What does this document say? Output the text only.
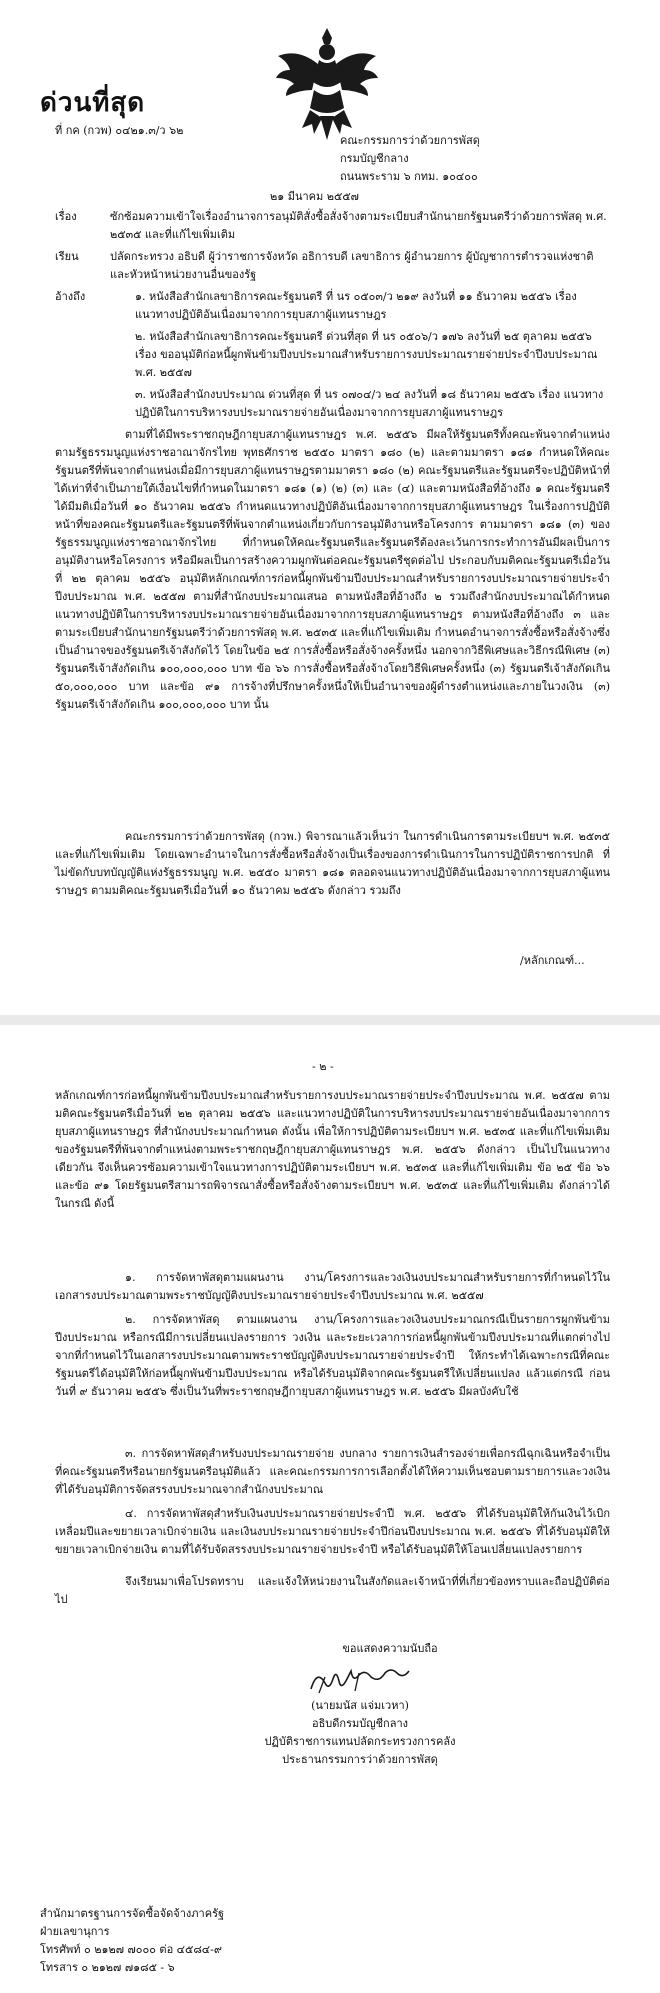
ด่วนที่สุด
ที่ กค (กวพ) ๐๔๒๑.๓/ว ๖๒
คณะกรรมการว่าด้วยการพัสดุ
กรมบัญชีกลาง
ถนนพระราม ๖ กทม. ๑๐๔๐๐
๒๑ มีนาคม ๒๕๕๗
เรื่อง	ซักซ้อมความเข้าใจเรื่องอำนาจการอนุมัติสั่งซื้อสั่งจ้างตามระเบียบสำนักนายกรัฐมนตรีว่าด้วยการพัสดุ พ.ศ. ๒๕๓๕ และที่แก้ไขเพิ่มเติม
เรียน	ปลัดกระทรวง อธิบดี ผู้ว่าราชการจังหวัด อธิการบดี เลขาธิการ ผู้อำนวยการ ผู้บัญชาการตำรวจแห่งชาติ และหัวหน้าหน่วยงานอื่นของรัฐ
อ้างถึง	๑. หนังสือสำนักเลขาธิการคณะรัฐมนตรี ที่ นร ๐๕๐๓/ว ๒๑๙ ลงวันที่ ๑๑ ธันวาคม ๒๕๕๖ เรื่อง แนวทางปฏิบัติอันเนื่องมาจากการยุบสภาผู้แทนราษฎร
๒. หนังสือสำนักเลขาธิการคณะรัฐมนตรี ด่วนที่สุด ที่ นร ๐๕๐๖/ว ๑๗๖ ลงวันที่ ๒๕ ตุลาคม ๒๕๕๖ เรื่อง ขออนุมัติก่อหนี้ผูกพันข้ามปีงบประมาณสำหรับรายการงบประมาณรายจ่ายประจำปีงบประมาณ พ.ศ. ๒๕๕๗
๓. หนังสือสำนักงบประมาณ ด่วนที่สุด ที่ นร ๐๗๐๔/ว ๒๔ ลงวันที่ ๑๘ ธันวาคม ๒๕๕๖ เรื่อง แนวทางปฏิบัติในการบริหารงบประมาณรายจ่ายอันเนื่องมาจากการยุบสภาผู้แทนราษฎร
ตามที่ได้มีพระราชกฤษฎีกายุบสภาผู้แทนราษฎร พ.ศ. ๒๕๕๖ มีผลให้รัฐมนตรีทั้งคณะพ้นจากตำแหน่งตามรัฐธรรมนูญแห่งราชอาณาจักรไทย พุทธศักราช ๒๕๕๐ มาตรา ๑๘๐ (๒) และตามมาตรา ๑๘๑ กำหนดให้คณะรัฐมนตรีที่พ้นจากตำแหน่งเมื่อมีการยุบสภาผู้แทนราษฎรตามมาตรา ๑๘๐ (๒) คณะรัฐมนตรีและรัฐมนตรีจะปฏิบัติหน้าที่ได้เท่าที่จำเป็นภายใต้เงื่อนไขที่กำหนดในมาตรา ๑๘๑ (๑) (๒) (๓) และ (๔) และตามหนังสือที่อ้างถึง ๑ คณะรัฐมนตรีได้มีมติเมื่อวันที่ ๑๐ ธันวาคม ๒๕๕๖ กำหนดแนวทางปฏิบัติอันเนื่องมาจากการยุบสภาผู้แทนราษฎร ในเรื่องการปฏิบัติหน้าที่ของคณะรัฐมนตรีและรัฐมนตรีที่พ้นจากตำแหน่งเกี่ยวกับการอนุมัติงานหรือโครงการ ตามมาตรา ๑๘๑ (๓) ของรัฐธรรมนูญแห่งราชอาณาจักรไทย ที่กำหนดให้คณะรัฐมนตรีและรัฐมนตรีต้องละเว้นการกระทำการอันมีผลเป็นการอนุมัติงานหรือโครงการ หรือมีผลเป็นการสร้างความผูกพันต่อคณะรัฐมนตรีชุดต่อไป ประกอบกับมติคณะรัฐมนตรีเมื่อวันที่ ๒๒ ตุลาคม ๒๕๕๖ อนุมัติหลักเกณฑ์การก่อหนี้ผูกพันข้ามปีงบประมาณสำหรับรายการงบประมาณรายจ่ายประจำปีงบประมาณ พ.ศ. ๒๕๕๗ ตามที่สำนักงบประมาณเสนอ ตามหนังสือที่อ้างถึง ๒ รวมถึงสำนักงบประมาณได้กำหนดแนวทางปฏิบัติในการบริหารงบประมาณรายจ่ายอันเนื่องมาจากการยุบสภาผู้แทนราษฎร ตามหนังสือที่อ้างถึง ๓ และตามระเบียบสำนักนายกรัฐมนตรีว่าด้วยการพัสดุ พ.ศ. ๒๕๓๕ และที่แก้ไขเพิ่มเติม กำหนดอำนาจการสั่งซื้อหรือสั่งจ้างซึ่งเป็นอำนาจของรัฐมนตรีเจ้าสังกัดไว้ โดยในข้อ ๒๕ การสั่งซื้อหรือสั่งจ้างครั้งหนึ่ง นอกจากวิธีพิเศษและวิธีกรณีพิเศษ (๓) รัฐมนตรีเจ้าสังกัดเกิน ๑๐๐,๐๐๐,๐๐๐ บาท ข้อ ๖๖ การสั่งซื้อหรือสั่งจ้างโดยวิธีพิเศษครั้งหนึ่ง (๓) รัฐมนตรีเจ้าสังกัดเกิน ๕๐,๐๐๐,๐๐๐ บาท และข้อ ๙๑ การจ้างที่ปรึกษาครั้งหนึ่งให้เป็นอำนาจของผู้ดำรงตำแหน่งและภายในวงเงิน (๓) รัฐมนตรีเจ้าสังกัดเกิน ๑๐๐,๐๐๐,๐๐๐ บาท นั้น
คณะกรรมการว่าด้วยการพัสดุ (กวพ.) พิจารณาแล้วเห็นว่า ในการดำเนินการตามระเบียบฯ พ.ศ. ๒๕๓๕ และที่แก้ไขเพิ่มเติม โดยเฉพาะอำนาจในการสั่งซื้อหรือสั่งจ้างเป็นเรื่องของการดำเนินการในการปฏิบัติราชการปกติ ที่ไม่ขัดกับบทบัญญัติแห่งรัฐธรรมนูญ พ.ศ. ๒๕๕๐ มาตรา ๑๘๑ ตลอดจนแนวทางปฏิบัติอันเนื่องมาจากการยุบสภาผู้แทนราษฎร ตามมติคณะรัฐมนตรีเมื่อวันที่ ๑๐ ธันวาคม ๒๕๕๖ ดังกล่าว รวมถึง
/หลักเกณฑ์...
- ๒ -
หลักเกณฑ์การก่อหนี้ผูกพันข้ามปีงบประมาณสำหรับรายการงบประมาณรายจ่ายประจำปีงบประมาณ พ.ศ. ๒๕๕๗ ตามมติคณะรัฐมนตรีเมื่อวันที่ ๒๒ ตุลาคม ๒๕๕๖ และแนวทางปฏิบัติในการบริหารงบประมาณรายจ่ายอันเนื่องมาจากการยุบสภาผู้แทนราษฎร ที่สำนักงบประมาณกำหนด ดังนั้น เพื่อให้การปฏิบัติตามระเบียบฯ พ.ศ. ๒๕๓๕ และที่แก้ไขเพิ่มเติม ของรัฐมนตรีที่พ้นจากตำแหน่งตามพระราชกฤษฎีกายุบสภาผู้แทนราษฎร พ.ศ. ๒๕๕๖ ดังกล่าว เป็นไปในแนวทางเดียวกัน จึงเห็นควรซ้อมความเข้าใจแนวทางการปฏิบัติตามระเบียบฯ พ.ศ. ๒๕๓๕ และที่แก้ไขเพิ่มเติม ข้อ ๒๕ ข้อ ๖๖ และข้อ ๙๑ โดยรัฐมนตรีสามารถพิจารณาสั่งซื้อหรือสั่งจ้างตามระเบียบฯ พ.ศ. ๒๕๓๕ และที่แก้ไขเพิ่มเติม ดังกล่าวได้ ในกรณี ดังนี้
๑. การจัดหาพัสดุตามแผนงาน งาน/โครงการและวงเงินงบประมาณสำหรับรายการที่กำหนดไว้ในเอกสารงบประมาณตามพระราชบัญญัติงบประมาณรายจ่ายประจำปีงบประมาณ พ.ศ. ๒๕๕๗
๒. การจัดหาพัสดุ ตามแผนงาน งาน/โครงการและวงเงินงบประมาณกรณีเป็นรายการผูกพันข้ามปีงบประมาณ หรือกรณีมีการเปลี่ยนแปลงรายการ วงเงิน และระยะเวลาการก่อหนี้ผูกพันข้ามปีงบประมาณที่แตกต่างไปจากที่กำหนดไว้ในเอกสารงบประมาณตามพระราชบัญญัติงบประมาณรายจ่ายประจำปี ให้กระทำได้เฉพาะกรณีที่คณะรัฐมนตรีได้อนุมัติให้ก่อหนี้ผูกพันข้ามปีงบประมาณ หรือได้รับอนุมัติจากคณะรัฐมนตรีให้เปลี่ยนแปลง แล้วแต่กรณี ก่อนวันที่ ๙ ธันวาคม ๒๕๕๖ ซึ่งเป็นวันที่พระราชกฤษฎีกายุบสภาผู้แทนราษฎร พ.ศ. ๒๕๕๖ มีผลบังคับใช้
๓. การจัดหาพัสดุสำหรับงบประมาณรายจ่าย งบกลาง รายการเงินสำรองจ่ายเพื่อกรณีฉุกเฉินหรือจำเป็น ที่คณะรัฐมนตรีหรือนายกรัฐมนตรีอนุมัติแล้ว และคณะกรรมการการเลือกตั้งได้ให้ความเห็นชอบตามรายการและวงเงินที่ได้รับอนุมัติการจัดสรรงบประมาณจากสำนักงบประมาณ
๔. การจัดหาพัสดุสำหรับเงินงบประมาณรายจ่ายประจำปี พ.ศ. ๒๕๕๖ ที่ได้รับอนุมัติให้กันเงินไว้เบิกเหลื่อมปีและขยายเวลาเบิกจ่ายเงิน และเงินงบประมาณรายจ่ายประจำปีก่อนปีงบประมาณ พ.ศ. ๒๕๕๖ ที่ได้รับอนุมัติให้ขยายเวลาเบิกจ่ายเงิน ตามที่ได้รับจัดสรรงบประมาณรายจ่ายประจำปี หรือได้รับอนุมัติให้โอนเปลี่ยนแปลงรายการ
จึงเรียนมาเพื่อโปรดทราบ และแจ้งให้หน่วยงานในสังกัดและเจ้าหน้าที่ที่เกี่ยวข้องทราบและถือปฏิบัติต่อไป
ขอแสดงความนับถือ
(นายมนัส แจ่มเวหา)
อธิบดีกรมบัญชีกลาง
ปฏิบัติราชการแทนปลัดกระทรวงการคลัง
ประธานกรรมการว่าด้วยการพัสดุ
สำนักมาตรฐานการจัดซื้อจัดจ้างภาครัฐ
ฝ่ายเลขานุการ
โทรศัพท์ ๐ ๒๑๒๗ ๗๐๐๐ ต่อ ๔๕๘๔-๙
โทรสาร ๐ ๒๑๒๗ ๗๑๘๕ - ๖
